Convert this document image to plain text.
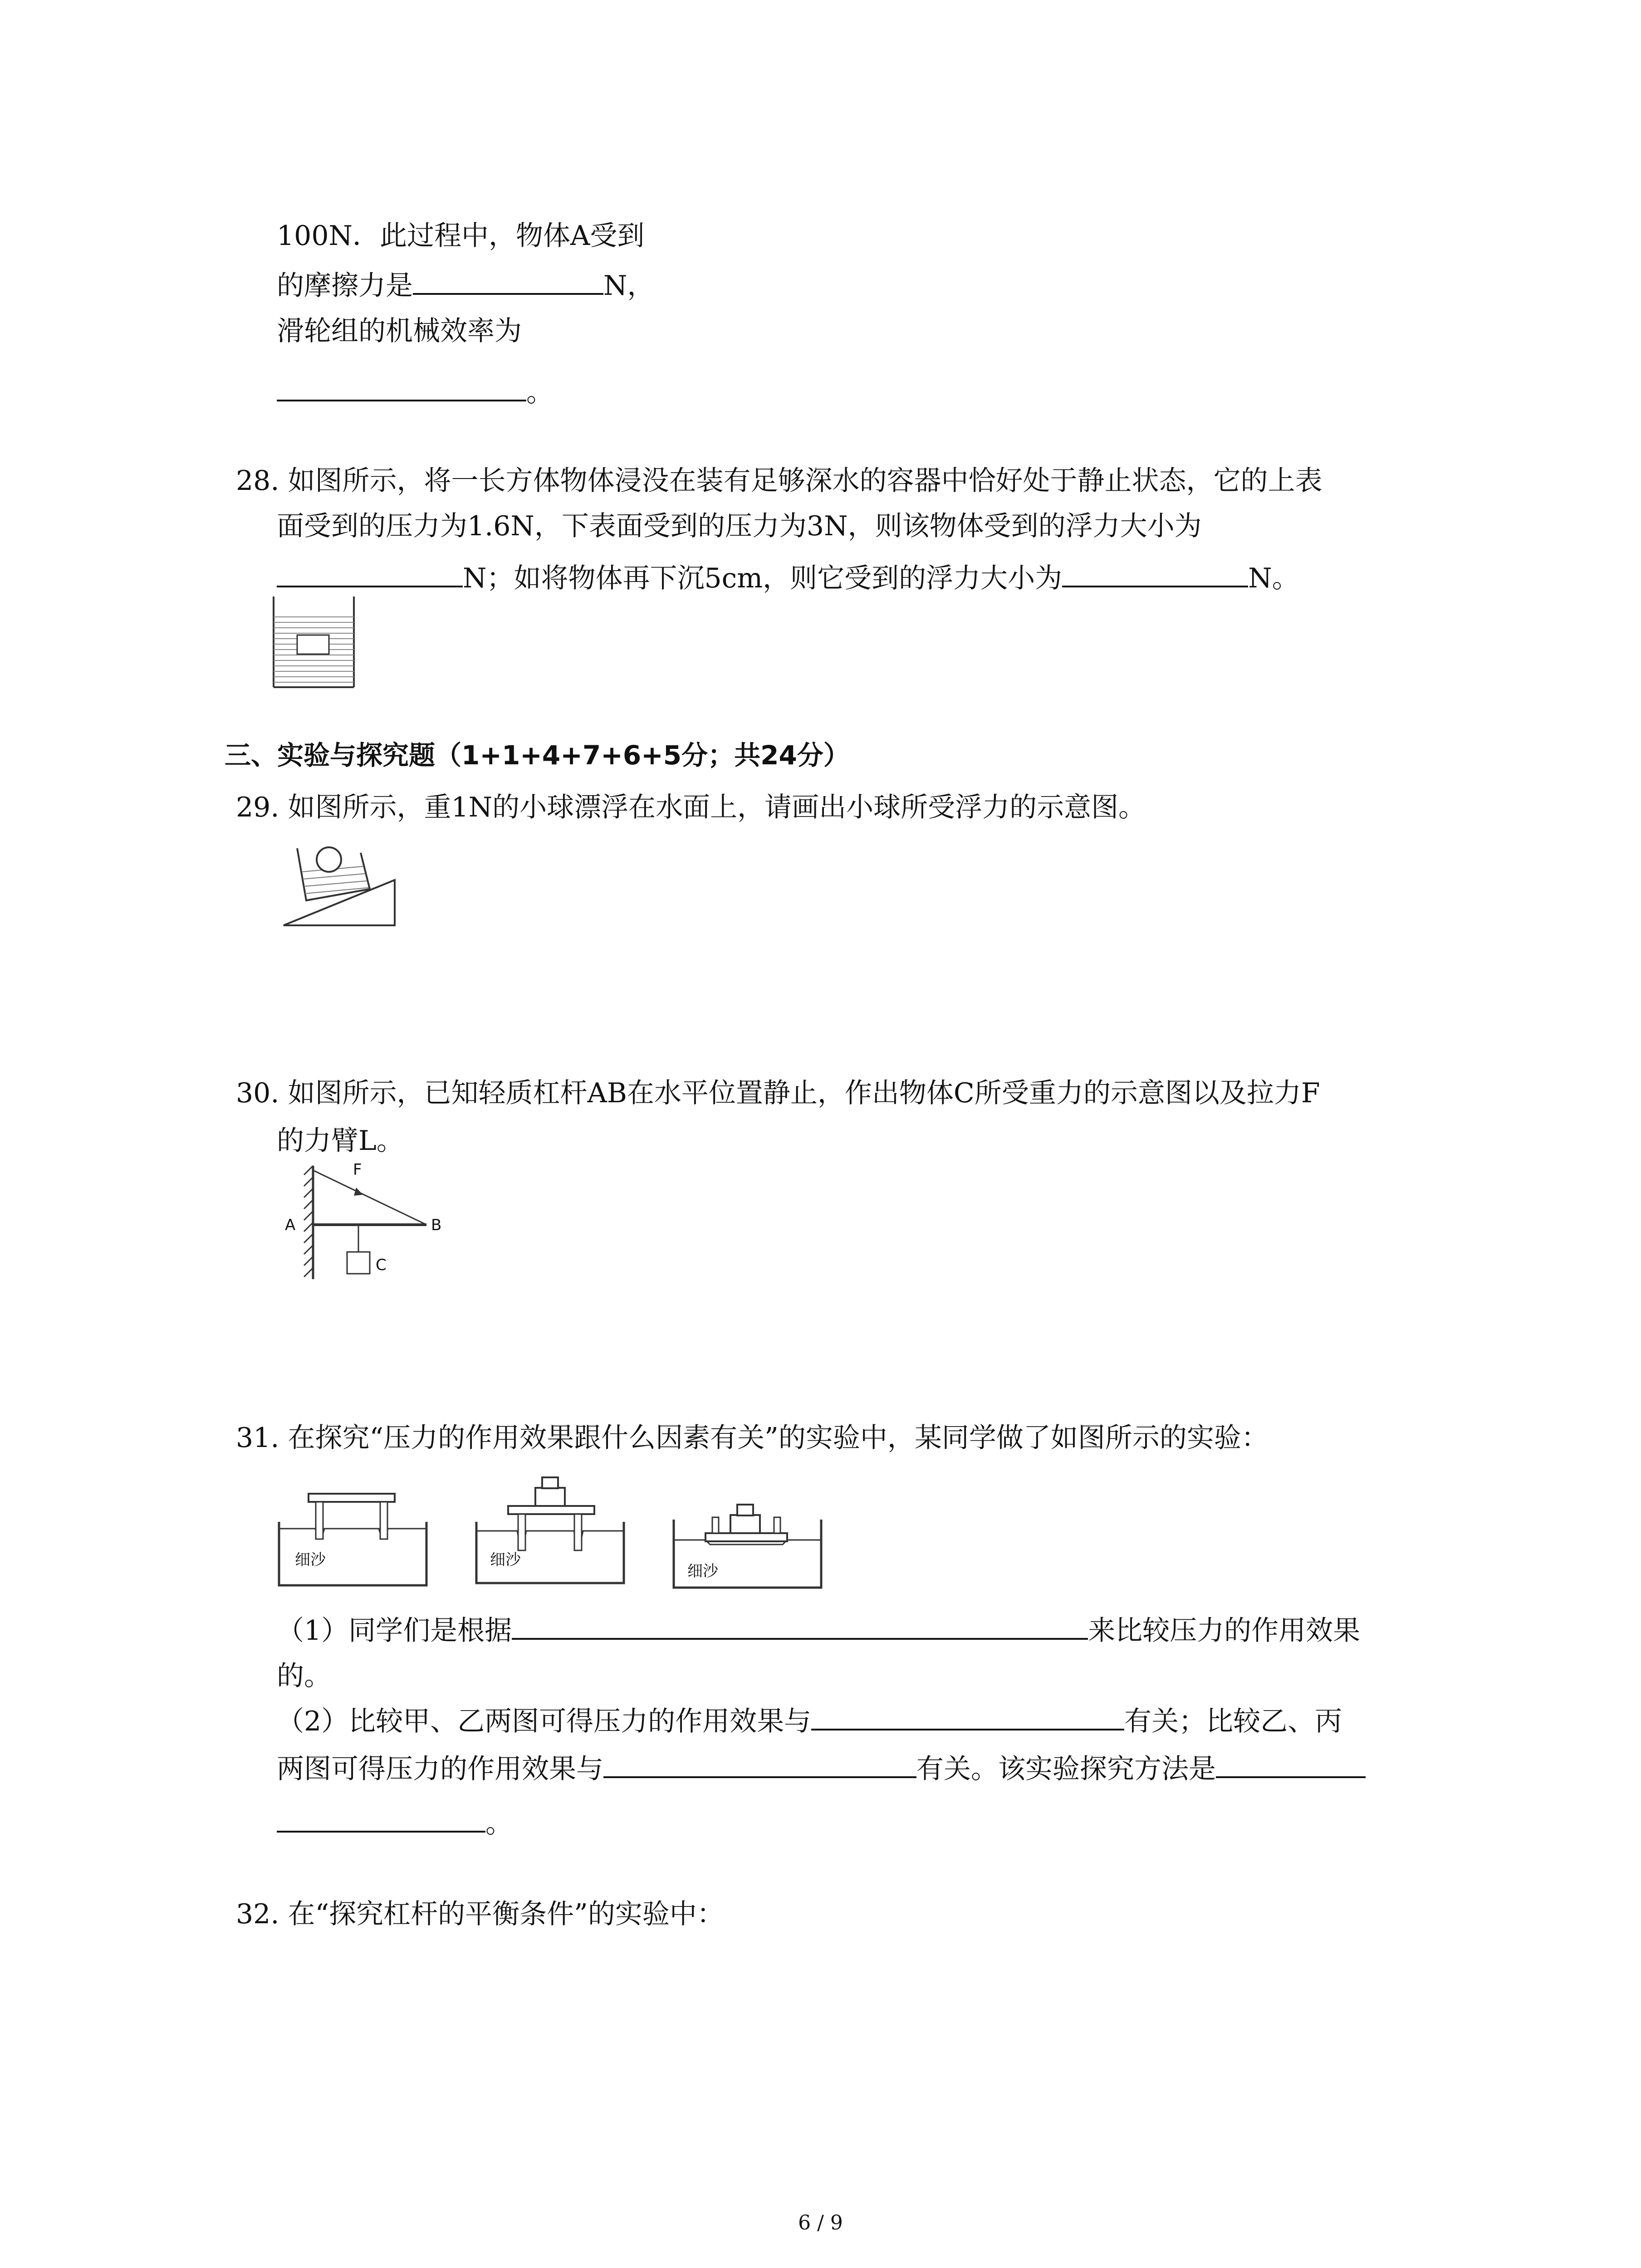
100N．此过程中，物体A受到
的摩擦力是	N，
滑轮组的机械效率为
。
28. 如图所示，将一长方体物体浸没在装有足够深水的容器中恰好处于静止状态，它的上表
面受到的压力为1.6N，下表面受到的压力为3N，则该物体受到的浮力大小为
N；如将物体再下沉5cm，则它受到的浮力大小为	N。
三、实验与探究题（1+1+4+7+6+5分；共24分）
29. 如图所示，重1N的小球漂浮在水面上，请画出小球所受浮力的示意图。
30. 如图所示，已知轻质杠杆AB在水平位置静止，作出物体C所受重力的示意图以及拉力F
的力臂L。
F
A	B
C
31. 在探究“压力的作用效果跟什么因素有关”的实验中，某同学做了如图所示的实验：
细沙	细沙
细沙
（1）同学们是根据	来比较压力的作用效果
的。
（2）比较甲、乙两图可得压力的作用效果与	有关；比较乙、丙
两图可得压力的作用效果与	有关。该实验探究方法是
。
32. 在“探究杠杆的平衡条件”的实验中：
6 / 9
